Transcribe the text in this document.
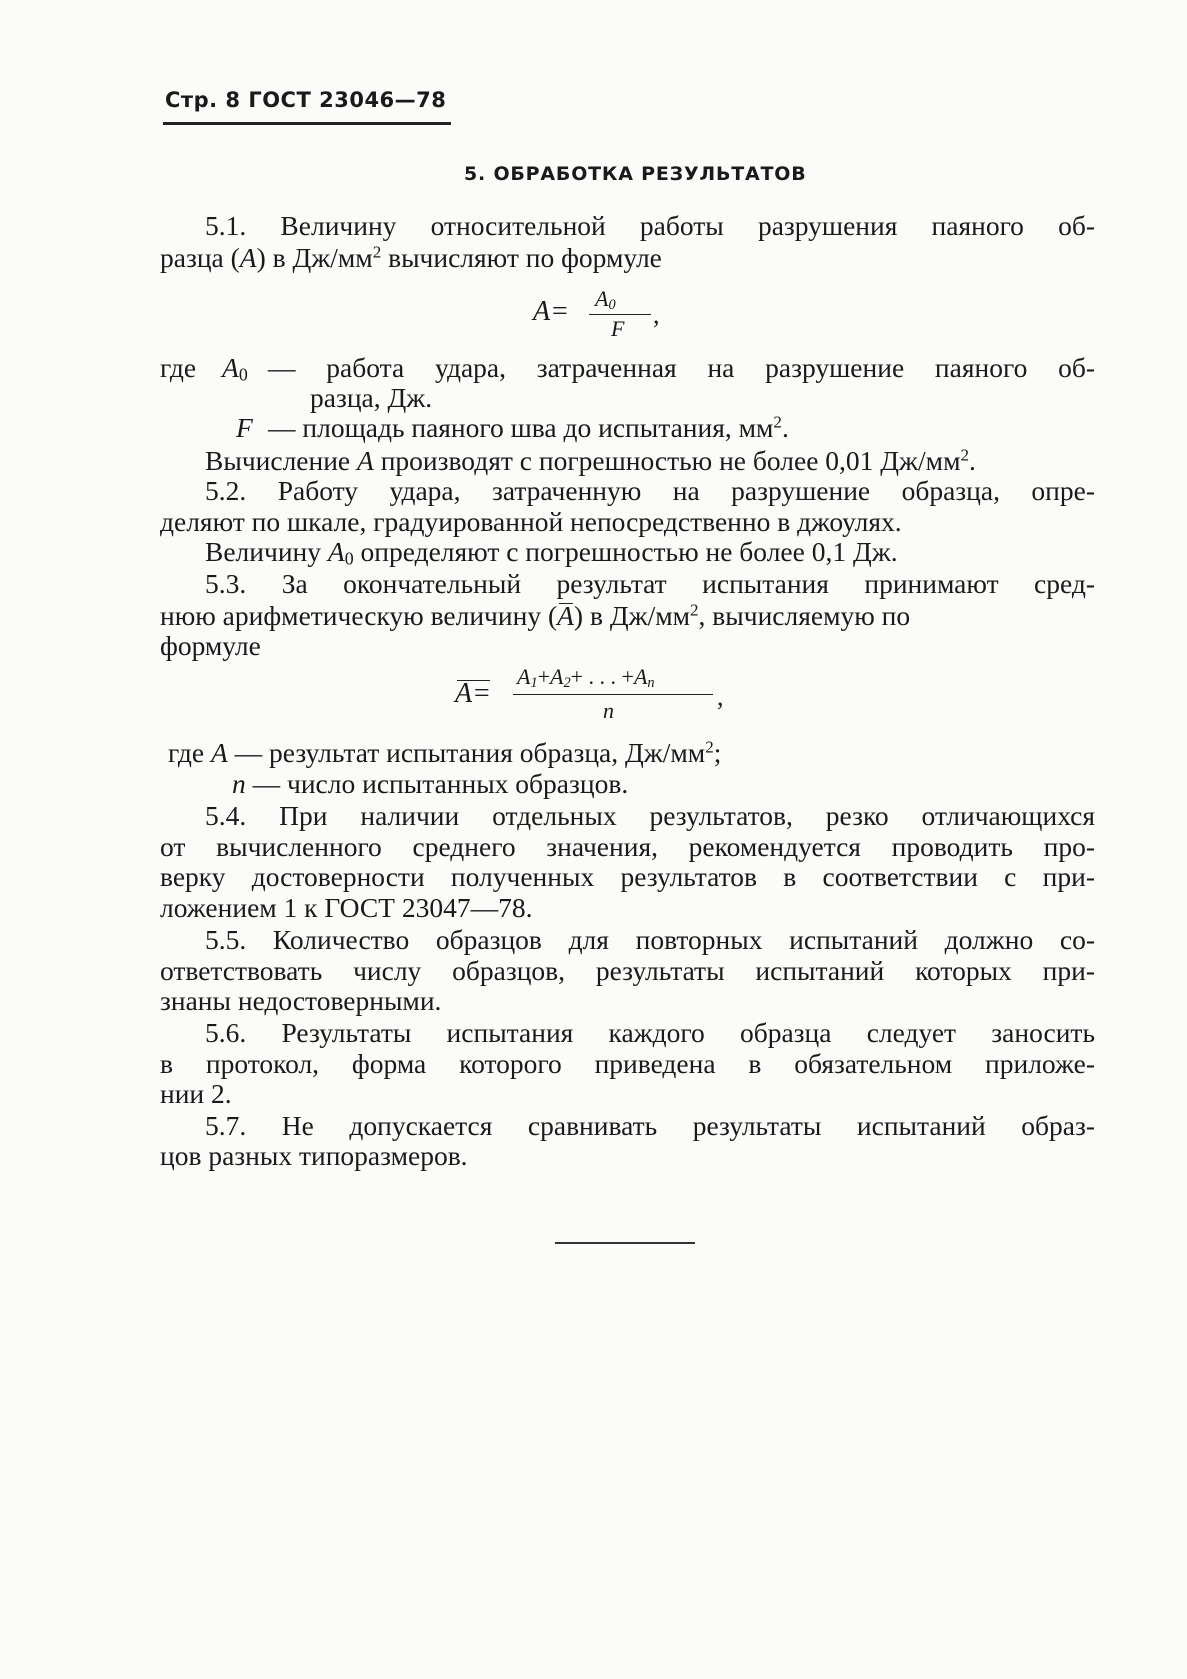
Стр. 8 ГОСТ 23046—78
5. ОБРАБОТКА РЕЗУЛЬТАТОВ
5.1. Величину относительной работы разрушения паяного об-
разца (A) в $Дж/мм^2$ вычисляют по формуле
$A= A_0$
F ,
где $A_0$ — работа удара, затраченная на разрушение паяного об-
разца, Дж.
F — площадь паяного шва до испытания, $мм^2$.
Вычисление A производят с погрешностью не более 0,01 $Дж/мм^2$.
5.2. Работу удара, затраченную на разрушение образца, опре-
деляют по шкале, градуированной непосредственно в джоулях.
Величину $A_0$ определяют с погрешностью не более 0,1 Дж.
5.3. За окончательный результат испытания принимают сред-
нюю арифметическую величину (A) в $Дж/мм^2$, вычисляемую по
формуле
A=
$A_1+A_2+$ . . . $+A_n$
n	,
где A — результат испытания образца, $Дж/мм^2$;
n — число испытанных образцов.
5.4. При наличии отдельных результатов, резко отличающихся
от вычисленного среднего значения, рекомендуется проводить про-
верку достоверности полученных результатов в соответствии с при-
ложением 1 к ГОСТ 23047—78.
5.5. Количество образцов для повторных испытаний должно со-
ответствовать числу образцов, результаты испытаний которых при-
знаны недостоверными.
5.6. Результаты испытания каждого образца следует заносить
в протокол, форма которого приведена в обязательном приложе-
нии 2.
5.7. Не допускается сравнивать результаты испытаний образ-
цов разных типоразмеров.
